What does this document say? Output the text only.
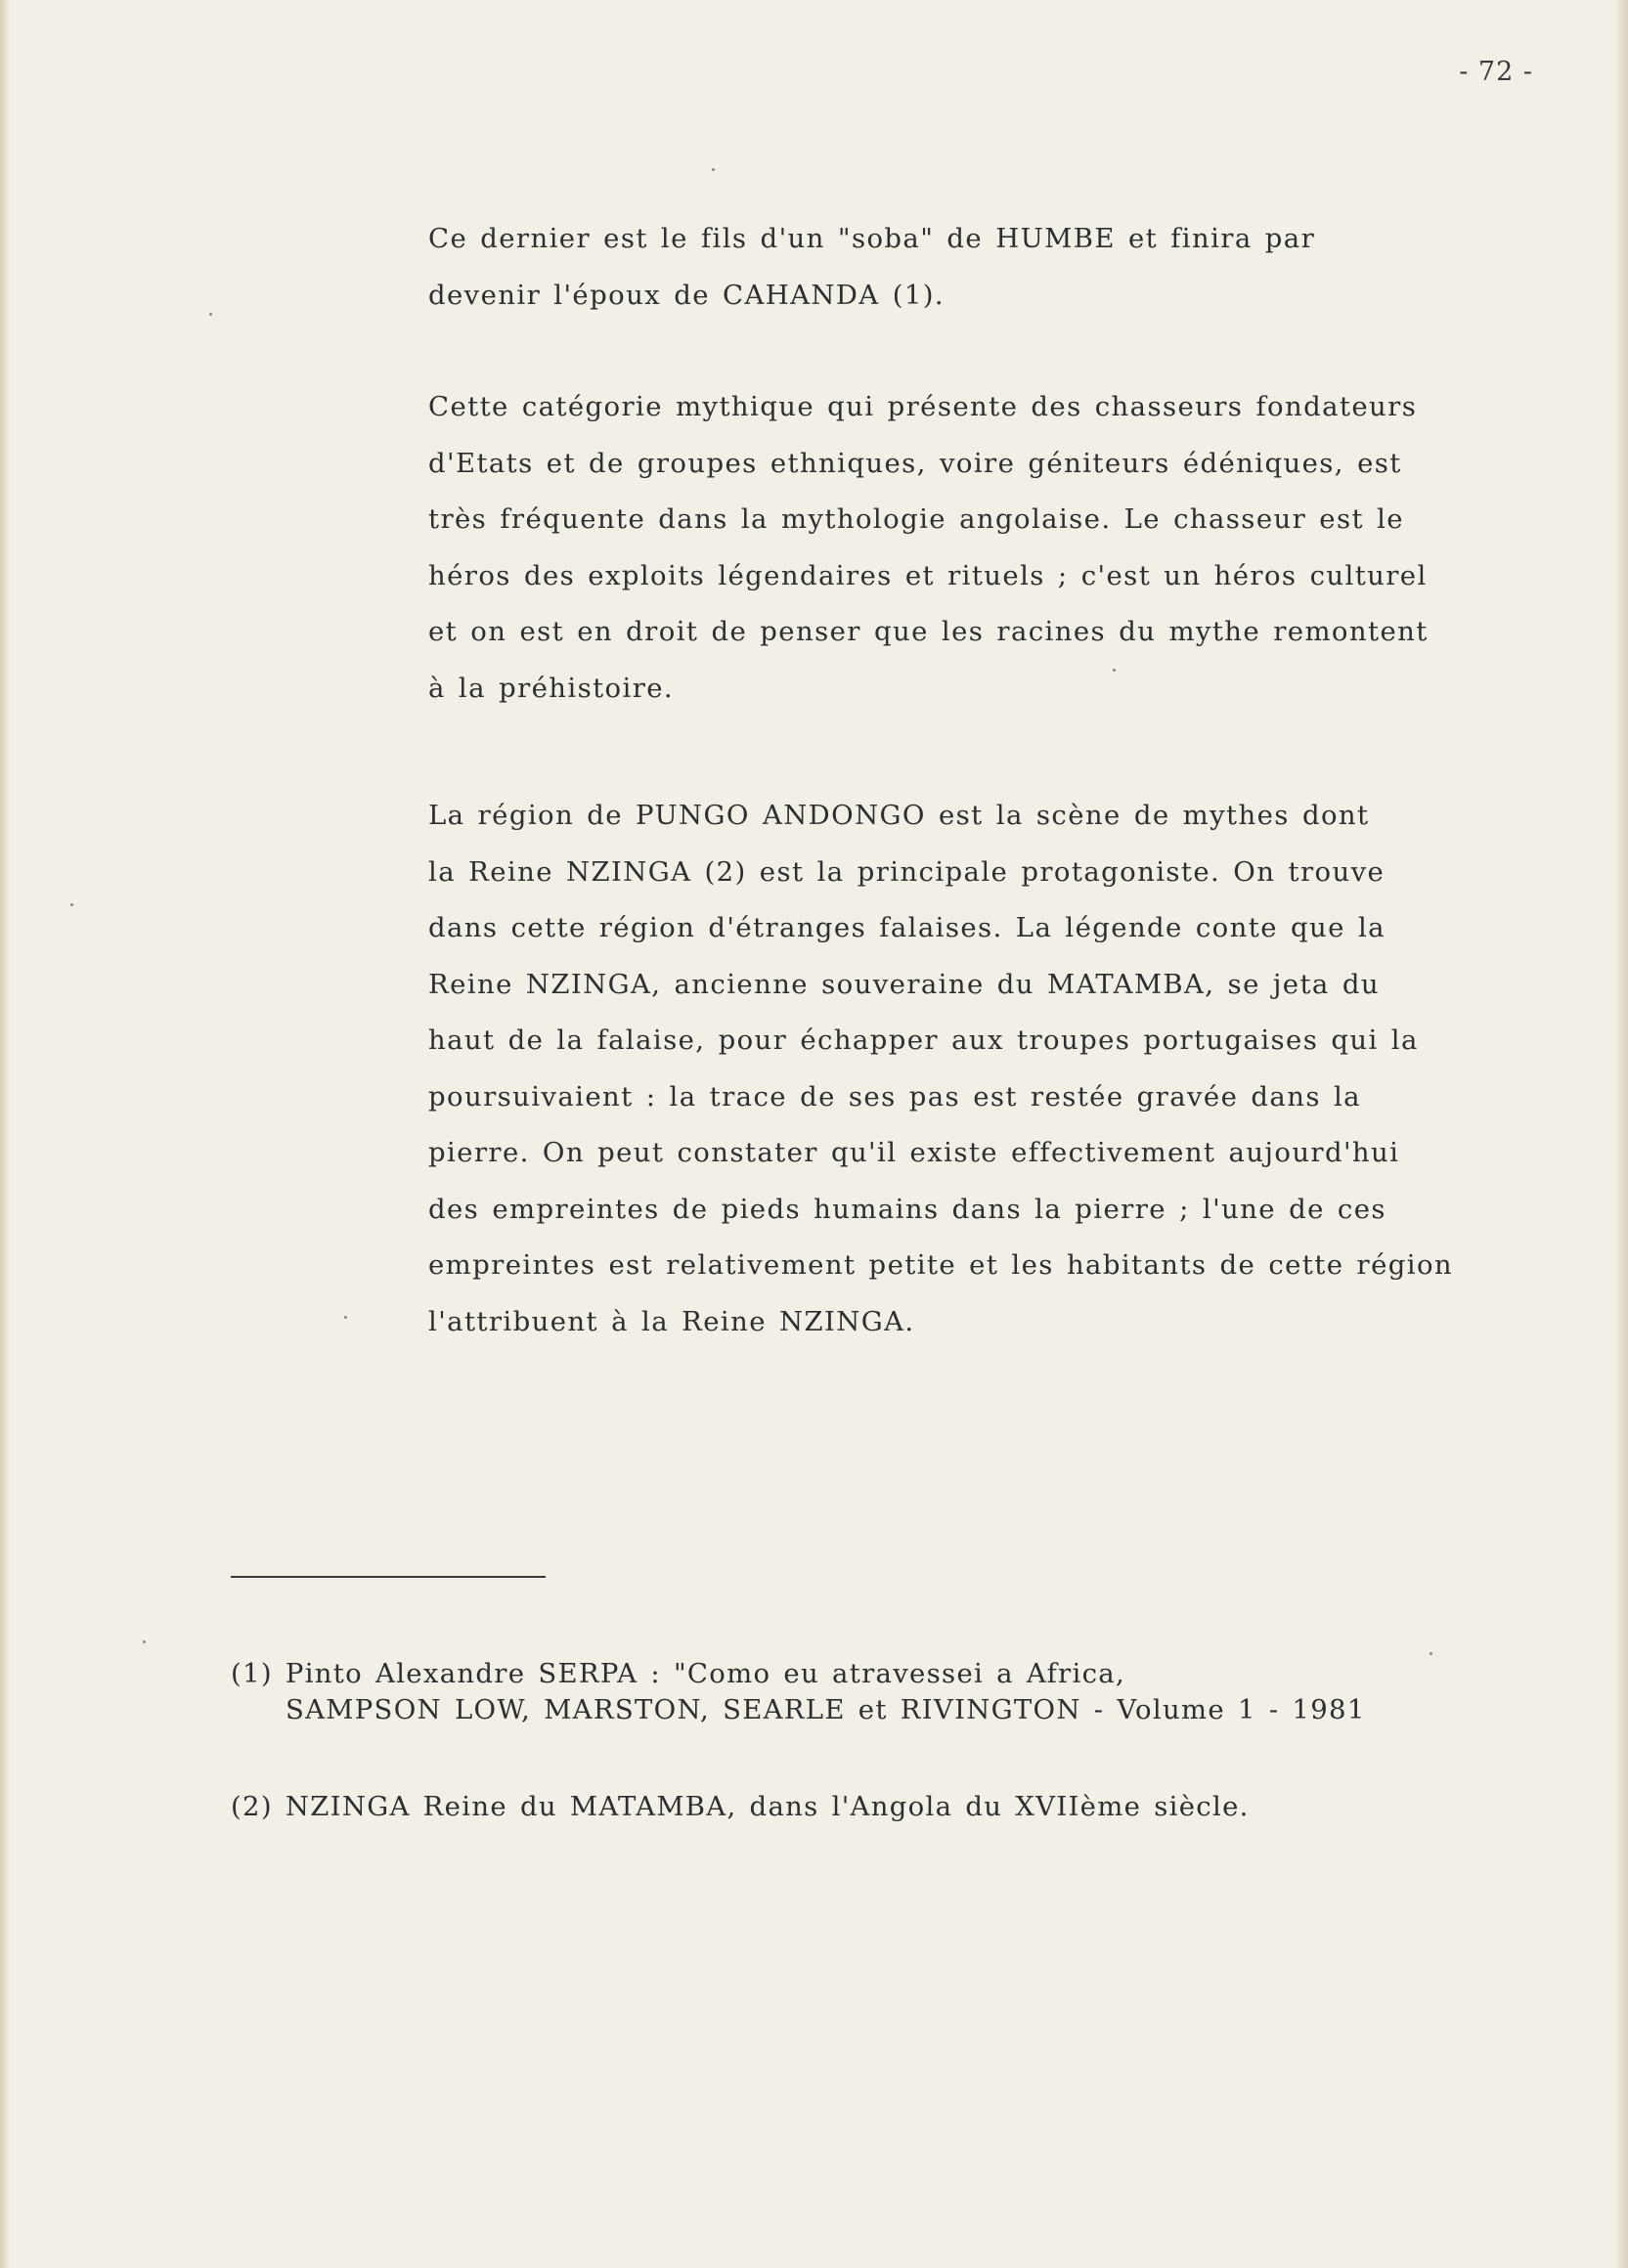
- 72 -
Ce dernier est le fils d'un "soba" de HUMBE et finira par
devenir l'époux de CAHANDA (1).
Cette catégorie mythique qui présente des chasseurs fondateurs
d'Etats et de groupes ethniques, voire géniteurs édéniques, est
très fréquente dans la mythologie angolaise. Le chasseur est le
héros des exploits légendaires et rituels ; c'est un héros culturel
et on est en droit de penser que les racines du mythe remontent
à la préhistoire.
La région de PUNGO ANDONGO est la scène de mythes dont
la Reine NZINGA (2) est la principale protagoniste. On trouve
dans cette région d'étranges falaises. La légende conte que la
Reine NZINGA, ancienne souveraine du MATAMBA, se jeta du
haut de la falaise, pour échapper aux troupes portugaises qui la
poursuivaient : la trace de ses pas est restée gravée dans la
pierre. On peut constater qu'il existe effectivement aujourd'hui
des empreintes de pieds humains dans la pierre ; l'une de ces
empreintes est relativement petite et les habitants de cette région
l'attribuent à la Reine NZINGA.
(1) Pinto Alexandre SERPA : "Como eu atravessei a Africa,
SAMPSON LOW, MARSTON, SEARLE et RIVINGTON - Volume 1 - 1981
(2) NZINGA Reine du MATAMBA, dans l'Angola du XVIIème siècle.
